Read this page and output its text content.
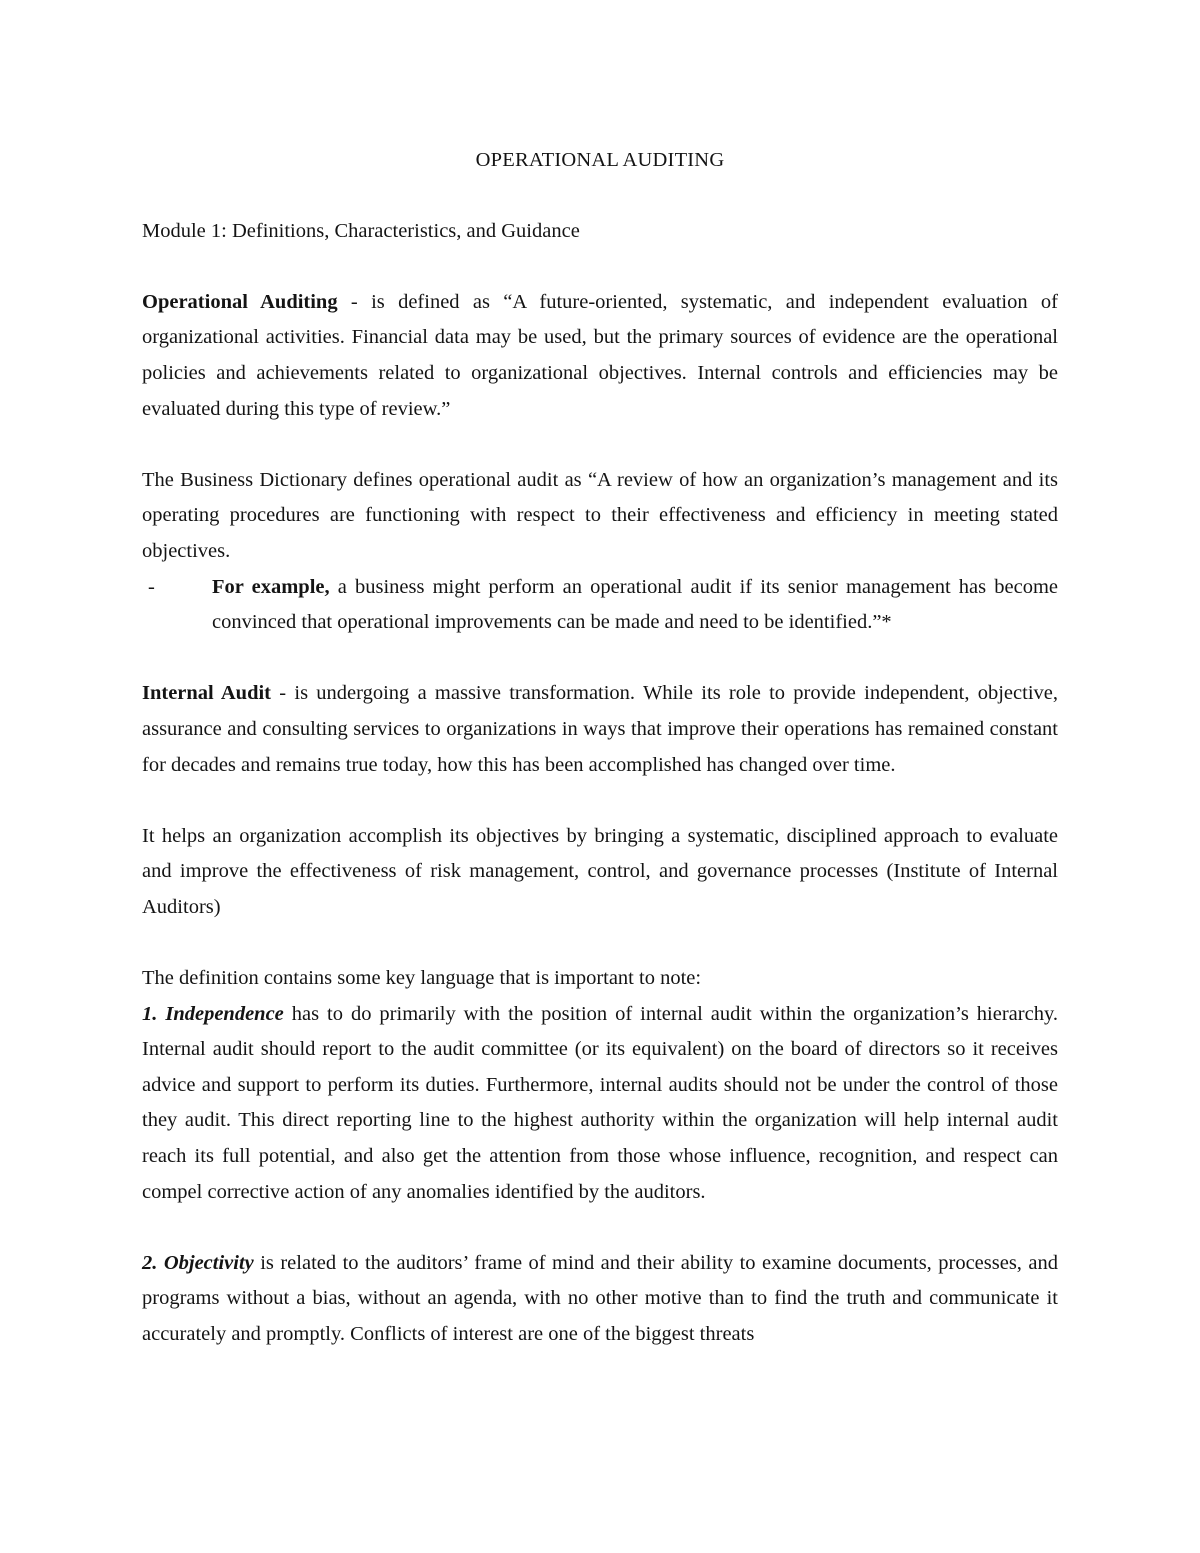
OPERATIONAL AUDITING

Module 1: Definitions, Characteristics, and Guidance

Operational Auditing - is defined as “A future-oriented, systematic, and independent evaluation of organizational activities. Financial data may be used, but the primary sources of evidence are the operational policies and achievements related to organizational objectives. Internal controls and efficiencies may be evaluated during this type of review.”

The Business Dictionary defines operational audit as “A review of how an organization’s management and its operating procedures are functioning with respect to their effectiveness and efficiency in meeting stated objectives.

-	For example, a business might perform an operational audit if its senior management has become convinced that operational improvements can be made and need to be identified.”*

Internal Audit - is undergoing a massive transformation. While its role to provide independent, objective, assurance and consulting services to organizations in ways that improve their operations has remained constant for decades and remains true today, how this has been accomplished has changed over time.

It helps an organization accomplish its objectives by bringing a systematic, disciplined approach to evaluate and improve the effectiveness of risk management, control, and governance processes (Institute of Internal Auditors)

The definition contains some key language that is important to note:

1. Independence has to do primarily with the position of internal audit within the organization’s hierarchy. Internal audit should report to the audit committee (or its equivalent) on the board of directors so it receives advice and support to perform its duties. Furthermore, internal audits should not be under the control of those they audit. This direct reporting line to the highest authority within the organization will help internal audit reach its full potential, and also get the attention from those whose influence, recognition, and respect can compel corrective action of any anomalies identified by the auditors.

2. Objectivity is related to the auditors’ frame of mind and their ability to examine documents, processes, and programs without a bias, without an agenda, with no other motive than to find the truth and communicate it accurately and promptly. Conflicts of interest are one of the biggest threats
